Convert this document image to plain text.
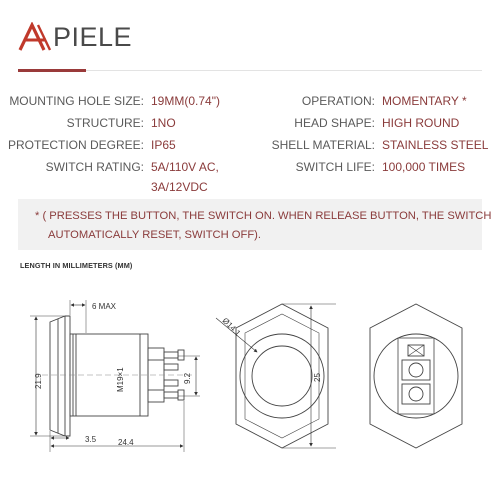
PIELE
MOUNTING HOLE SIZE: 19MM(0.74")
STRUCTURE: 1NO
PROTECTION DEGREE: IP65
SWITCH RATING: 5A/110V AC,
3A/12VDC
OPERATION: MOMENTARY *
HEAD SHAPE: HIGH ROUND
SHELL MATERIAL: STAINLESS STEEL
SWITCH LIFE: 100,000 TIMES
* ( PRESSES THE BUTTON, THE SWITCH ON. WHEN RELEASE BUTTON, THE SWITCH
AUTOMATICALLY RESET, SWITCH OFF).
LENGTH IN MILLIMETERS (MM)
6 MAX
21.9	M19×1	9.2
3.5	24.4
Ø14.1
25
